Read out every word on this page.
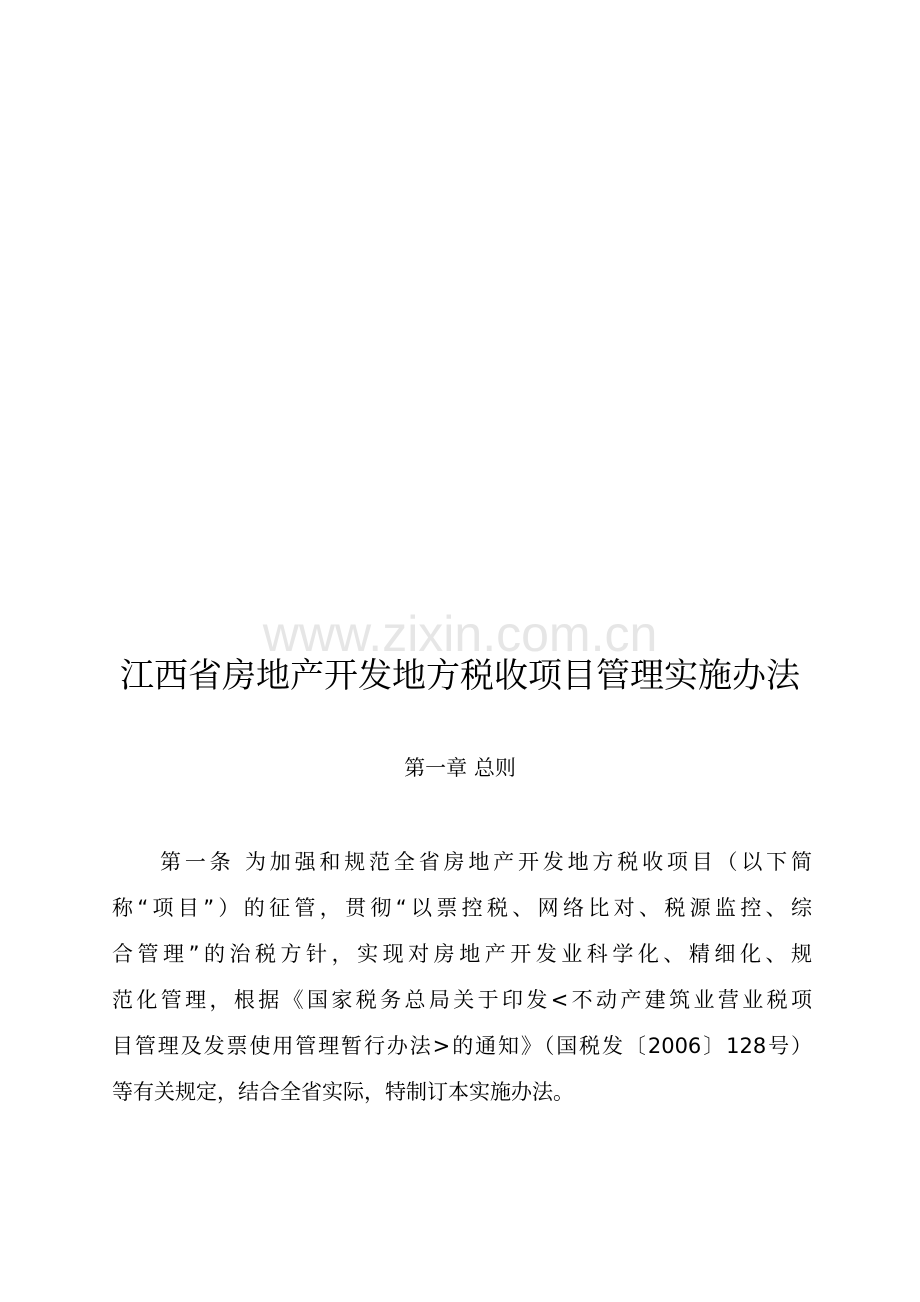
www.zixin.com.cn
江西省房地产开发地方税收项目管理实施办法
第一章 总则
第一条 为加强和规范全省房地产开发地方税收项目（以下简
称“项目”）的征管，贯彻“以票控税、网络比对、税源监控、综
合管理”的治税方针，实现对房地产开发业科学化、精细化、规
范化管理，根据《国家税务总局关于印发<不动产建筑业营业税项
目管理及发票使用管理暂行办法>的通知》（国税发〔2006〕128号）
等有关规定，结合全省实际，特制订本实施办法。
